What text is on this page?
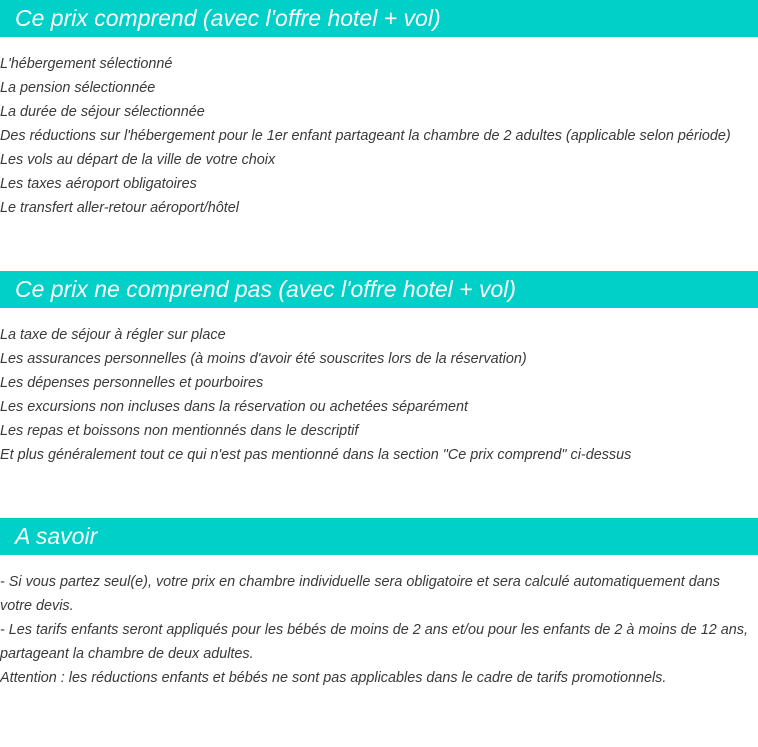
Ce prix comprend (avec l'offre hotel + vol)
L'hébergement sélectionné
La pension sélectionnée
La durée de séjour sélectionnée
Des réductions sur l'hébergement pour le 1er enfant partageant la chambre de 2 adultes (applicable selon période)
Les vols au départ de la ville de votre choix
Les taxes aéroport obligatoires
Le transfert aller-retour aéroport/hôtel
Ce prix ne comprend pas (avec l'offre hotel + vol)
La taxe de séjour à régler sur place
Les assurances personnelles (à moins d'avoir été souscrites lors de la réservation)
Les dépenses personnelles et pourboires
Les excursions non incluses dans la réservation ou achetées séparément
Les repas et boissons non mentionnés dans le descriptif
Et plus généralement tout ce qui n'est pas mentionné dans la section "Ce prix comprend" ci-dessus
A savoir

- Si vous partez seul(e), votre prix en chambre individuelle sera obligatoire et sera calculé automatiquement dans votre devis.

- Les tarifs enfants seront appliqués pour les bébés de moins de 2 ans et/ou pour les enfants de 2 à moins de 12 ans, partageant la chambre de deux adultes.

Attention : les réductions enfants et bébés ne sont pas applicables dans le cadre de tarifs promotionnels.
